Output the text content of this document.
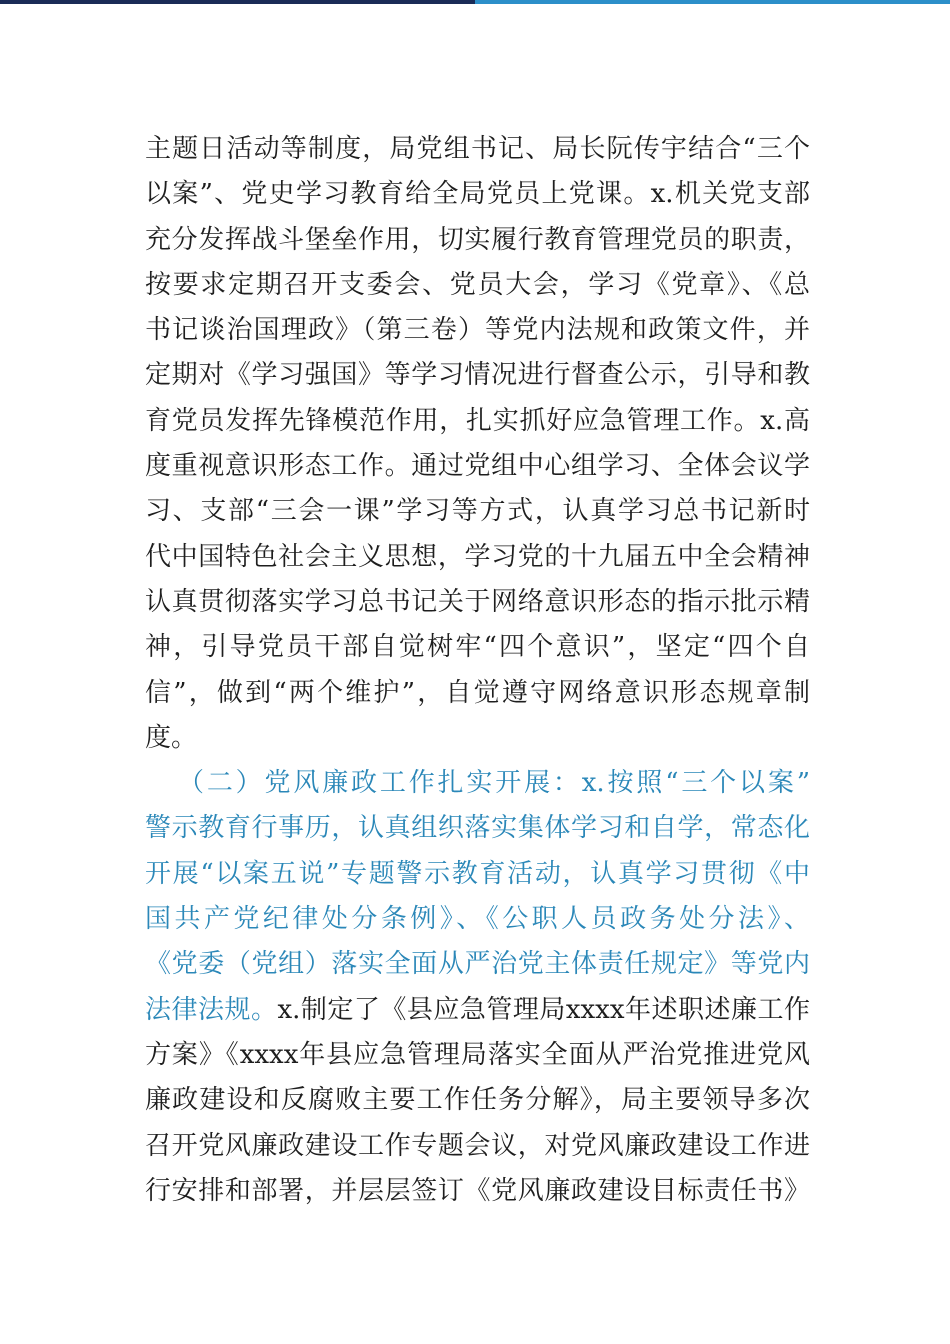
主题日活动等制度，局党组书记、局长阮传宇结合“三个
以案”、党史学习教育给全局党员上党课。x.机关党支部
充分发挥战斗堡垒作用，切实履行教育管理党员的职责，
按要求定期召开支委会、党员大会，学习《党章》、《总
书记谈治国理政》（第三卷）等党内法规和政策文件，并
定期对《学习强国》等学习情况进行督查公示，引导和教
育党员发挥先锋模范作用，扎实抓好应急管理工作。x.高
度重视意识形态工作。通过党组中心组学习、全体会议学
习、支部“三会一课”学习等方式，认真学习总书记新时
代中国特色社会主义思想，学习党的十九届五中全会精神
认真贯彻落实学习总书记关于网络意识形态的指示批示精
神，引导党员干部自觉树牢“四个意识”，坚定“四个自
信”，做到“两个维护”，自觉遵守网络意识形态规章制
度。
（二）党风廉政工作扎实开展：x.按照“三个以案”
警示教育行事历，认真组织落实集体学习和自学，常态化
开展“以案五说”专题警示教育活动，认真学习贯彻《中
国共产党纪律处分条例》、《公职人员政务处分法》、
《党委（党组）落实全面从严治党主体责任规定》等党内
法律法规。x.制定了《县应急管理局xxxx年述职述廉工作
方案》《xxxx年县应急管理局落实全面从严治党推进党风
廉政建设和反腐败主要工作任务分解》，局主要领导多次
召开党风廉政建设工作专题会议，对党风廉政建设工作进
行安排和部署，并层层签订《党风廉政建设目标责任书》
